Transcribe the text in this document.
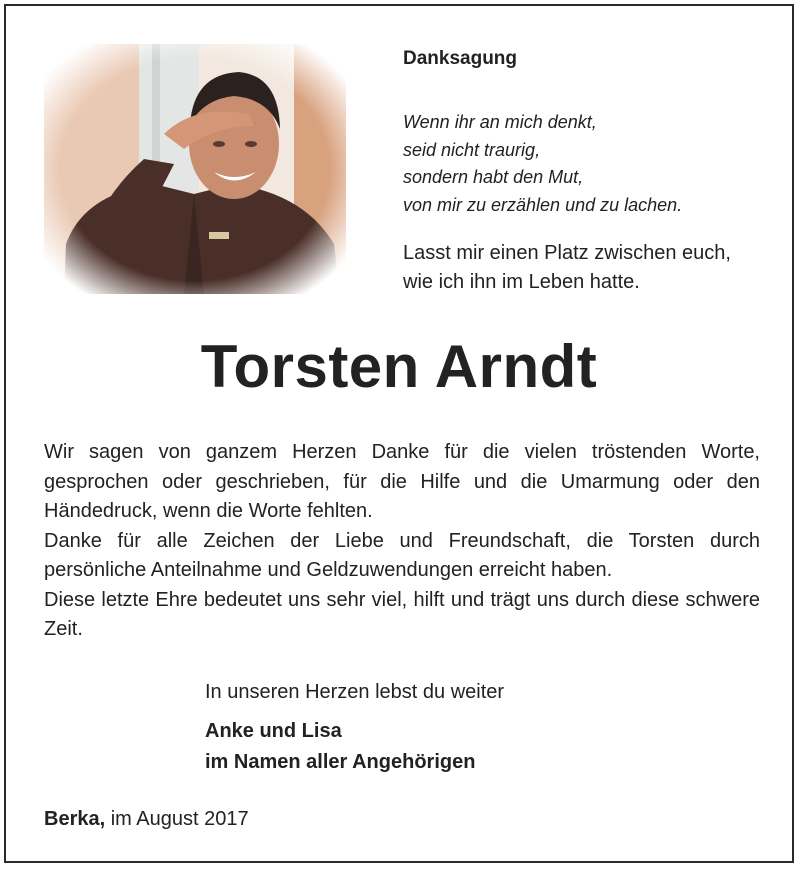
Danksagung
Wenn ihr an mich denkt,
seid nicht traurig,
sondern habt den Mut,
von mir zu erzählen und zu lachen.
Lasst mir einen Platz zwischen euch,
wie ich ihn im Leben hatte.
Torsten Arndt

Wir sagen von ganzem Herzen Danke für die vielen tröstenden Worte, gesprochen oder geschrieben, für die Hilfe und die Umarmung oder den Händedruck, wenn die Worte fehlten.

Danke für alle Zeichen der Liebe und Freundschaft, die Torsten durch persönliche Anteilnahme und Geldzuwendungen erreicht haben.

Diese letzte Ehre bedeutet uns sehr viel, hilft und trägt uns durch diese schwere Zeit.

In unseren Herzen lebst du weiter
Anke und Lisa
im Namen aller Angehörigen
Berka, im August 2017
